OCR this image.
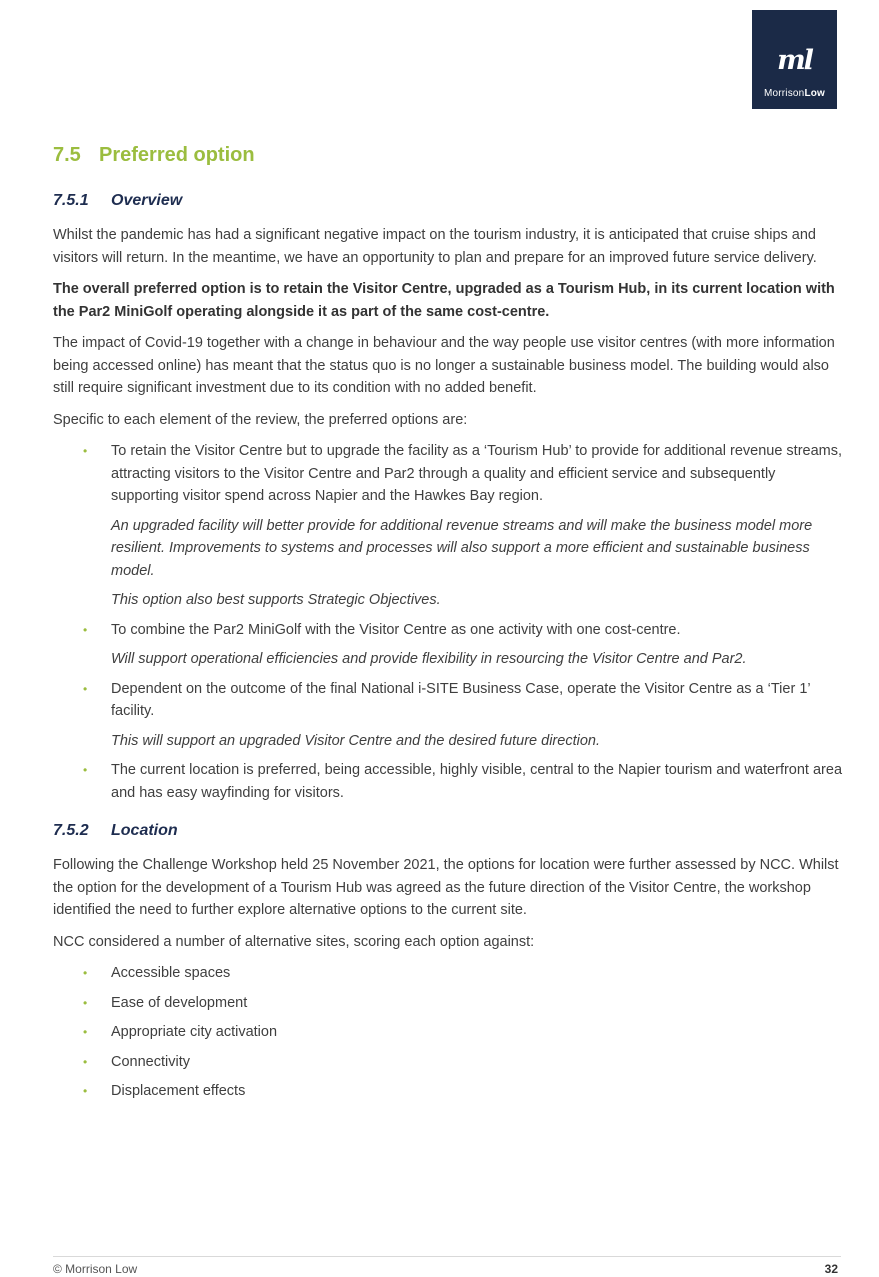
ml
MorrisonLow
7.5 Preferred option
7.5.1 Overview

Whilst the pandemic has had a significant negative impact on the tourism industry, it is anticipated that cruise ships and visitors will return. In the meantime, we have an opportunity to plan and prepare for an improved future service delivery.

The overall preferred option is to retain the Visitor Centre, upgraded as a Tourism Hub, in its current location with the Par2 MiniGolf operating alongside it as part of the same cost-centre.

The impact of Covid-19 together with a change in behaviour and the way people use visitor centres (with more information being accessed online) has meant that the status quo is no longer a sustainable business model. The building would also still require significant investment due to its condition with no added benefit.

Specific to each element of the review, the preferred options are:

• To retain the Visitor Centre but to upgrade the facility as a ‘Tourism Hub’ to provide for additional revenue streams, attracting visitors to the Visitor Centre and Par2 through a quality and efficient service and subsequently supporting visitor spend across Napier and the Hawkes Bay region.
An upgraded facility will better provide for additional revenue streams and will make the business model more resilient. Improvements to systems and processes will also support a more efficient and sustainable business model.
This option also best supports Strategic Objectives.
• To combine the Par2 MiniGolf with the Visitor Centre as one activity with one cost-centre.
Will support operational efficiencies and provide flexibility in resourcing the Visitor Centre and Par2.
• Dependent on the outcome of the final National i-SITE Business Case, operate the Visitor Centre as a ‘Tier 1’ facility.
This will support an upgraded Visitor Centre and the desired future direction.
• The current location is preferred, being accessible, highly visible, central to the Napier tourism and waterfront area and has easy wayfinding for visitors.
7.5.2 Location

Following the Challenge Workshop held 25 November 2021, the options for location were further assessed by NCC. Whilst the option for the development of a Tourism Hub was agreed as the future direction of the Visitor Centre, the workshop identified the need to further explore alternative options to the current site.

NCC considered a number of alternative sites, scoring each option against:

• Accessible spaces
• Ease of development
• Appropriate city activation
• Connectivity
• Displacement effects
© Morrison Low	32
